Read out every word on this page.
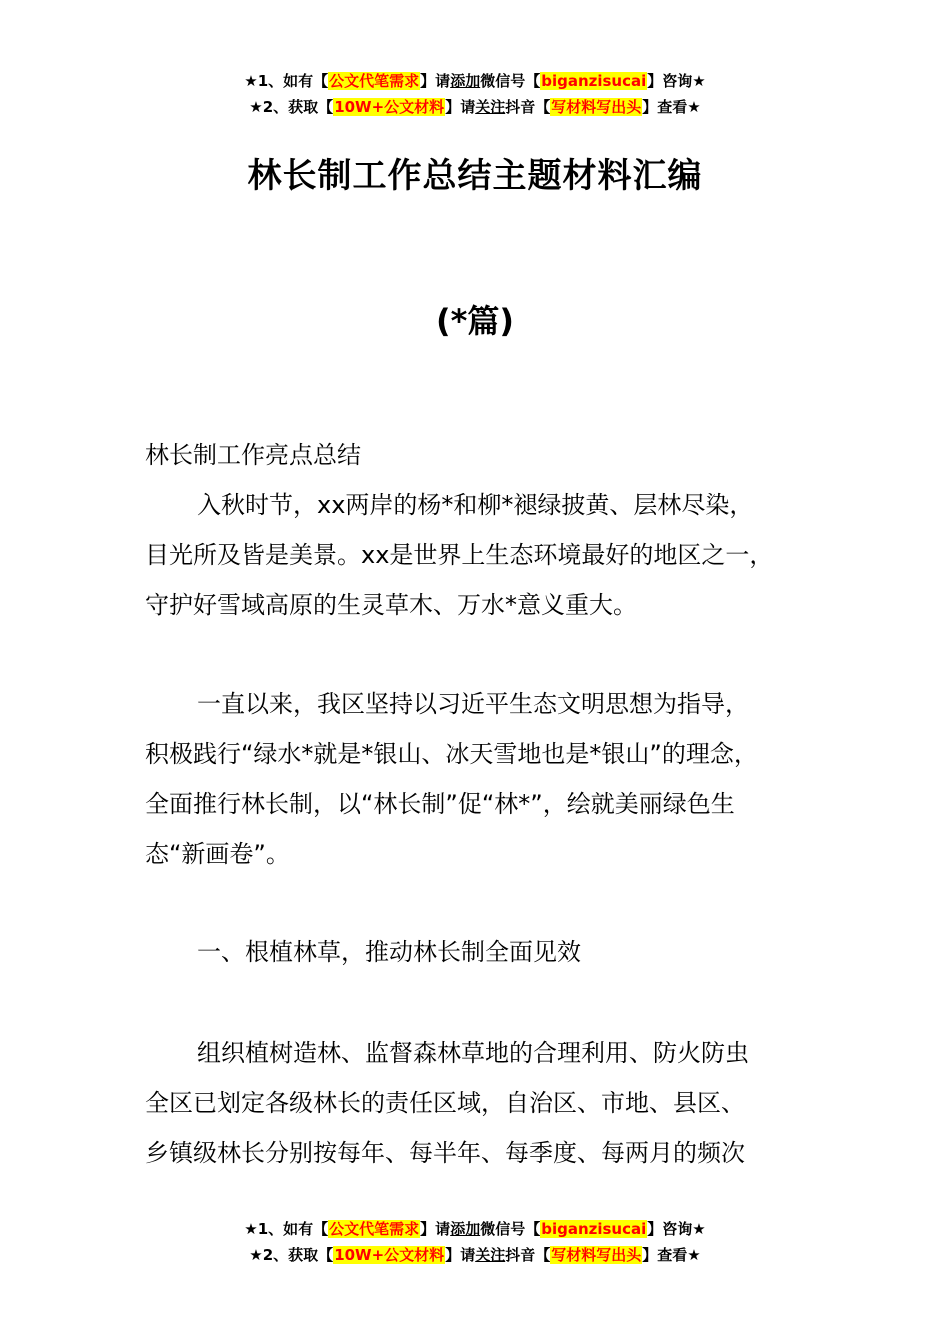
★1、如有【公文代笔需求】请添加微信号【biganzisucai】咨询★
★2、获取【10W+公文材料】请关注抖音【写材料写出头】查看★
林长制工作总结主题材料汇编
(*篇)
林长制工作亮点总结
入秋时节，xx两岸的杨*和柳*褪绿披黄、层林尽染，
目光所及皆是美景。xx是世界上生态环境最好的地区之一，
守护好雪域高原的生灵草木、万水*意义重大。
一直以来，我区坚持以习近平生态文明思想为指导，
积极践行“绿水*就是*银山、冰天雪地也是*银山”的理念，
全面推行林长制，以“林长制”促“林*”，绘就美丽绿色生
态“新画卷”。
一、根植林草，推动林长制全面见效
组织植树造林、监督森林草地的合理利用、防火防虫
全区已划定各级林长的责任区域，自治区、市地、县区、
乡镇级林长分别按每年、每半年、每季度、每两月的频次
★1、如有【公文代笔需求】请添加微信号【biganzisucai】咨询★
★2、获取【10W+公文材料】请关注抖音【写材料写出头】查看★
